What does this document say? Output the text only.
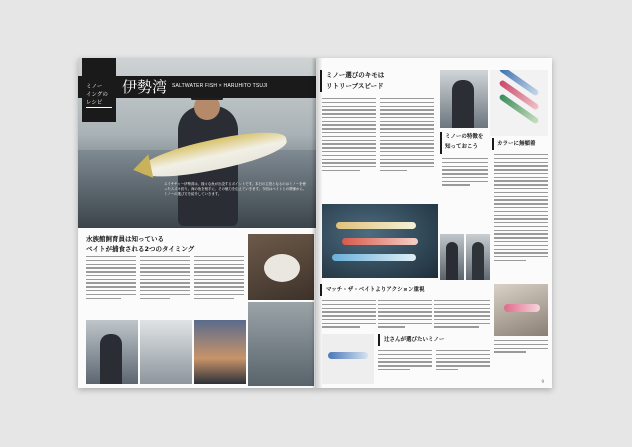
伊勢湾 SALTWATER FISH × HARUHITO TSUJI
ミノー
イングの
レシピ
スイチチャー伊勢湾は、様々な魚が出没するポイントです。本日の主役となるのはミノーを使ったスズキ釣り。海の魚を相手に、その魅力を伝えていきます。今回はベイトとの関係から、ミノーの選び方を紹介していきます。
水族館飼育員は知っている
ベイトが捕食される2つのタイミング
8
ミノー選びのキモは
リトリーブスピード
ミノーの特徴を
知っておこう	カラーに無頓着
マッチ・ザ・ベイトよりアクション重視
辻さんが選びたいミノー
9
